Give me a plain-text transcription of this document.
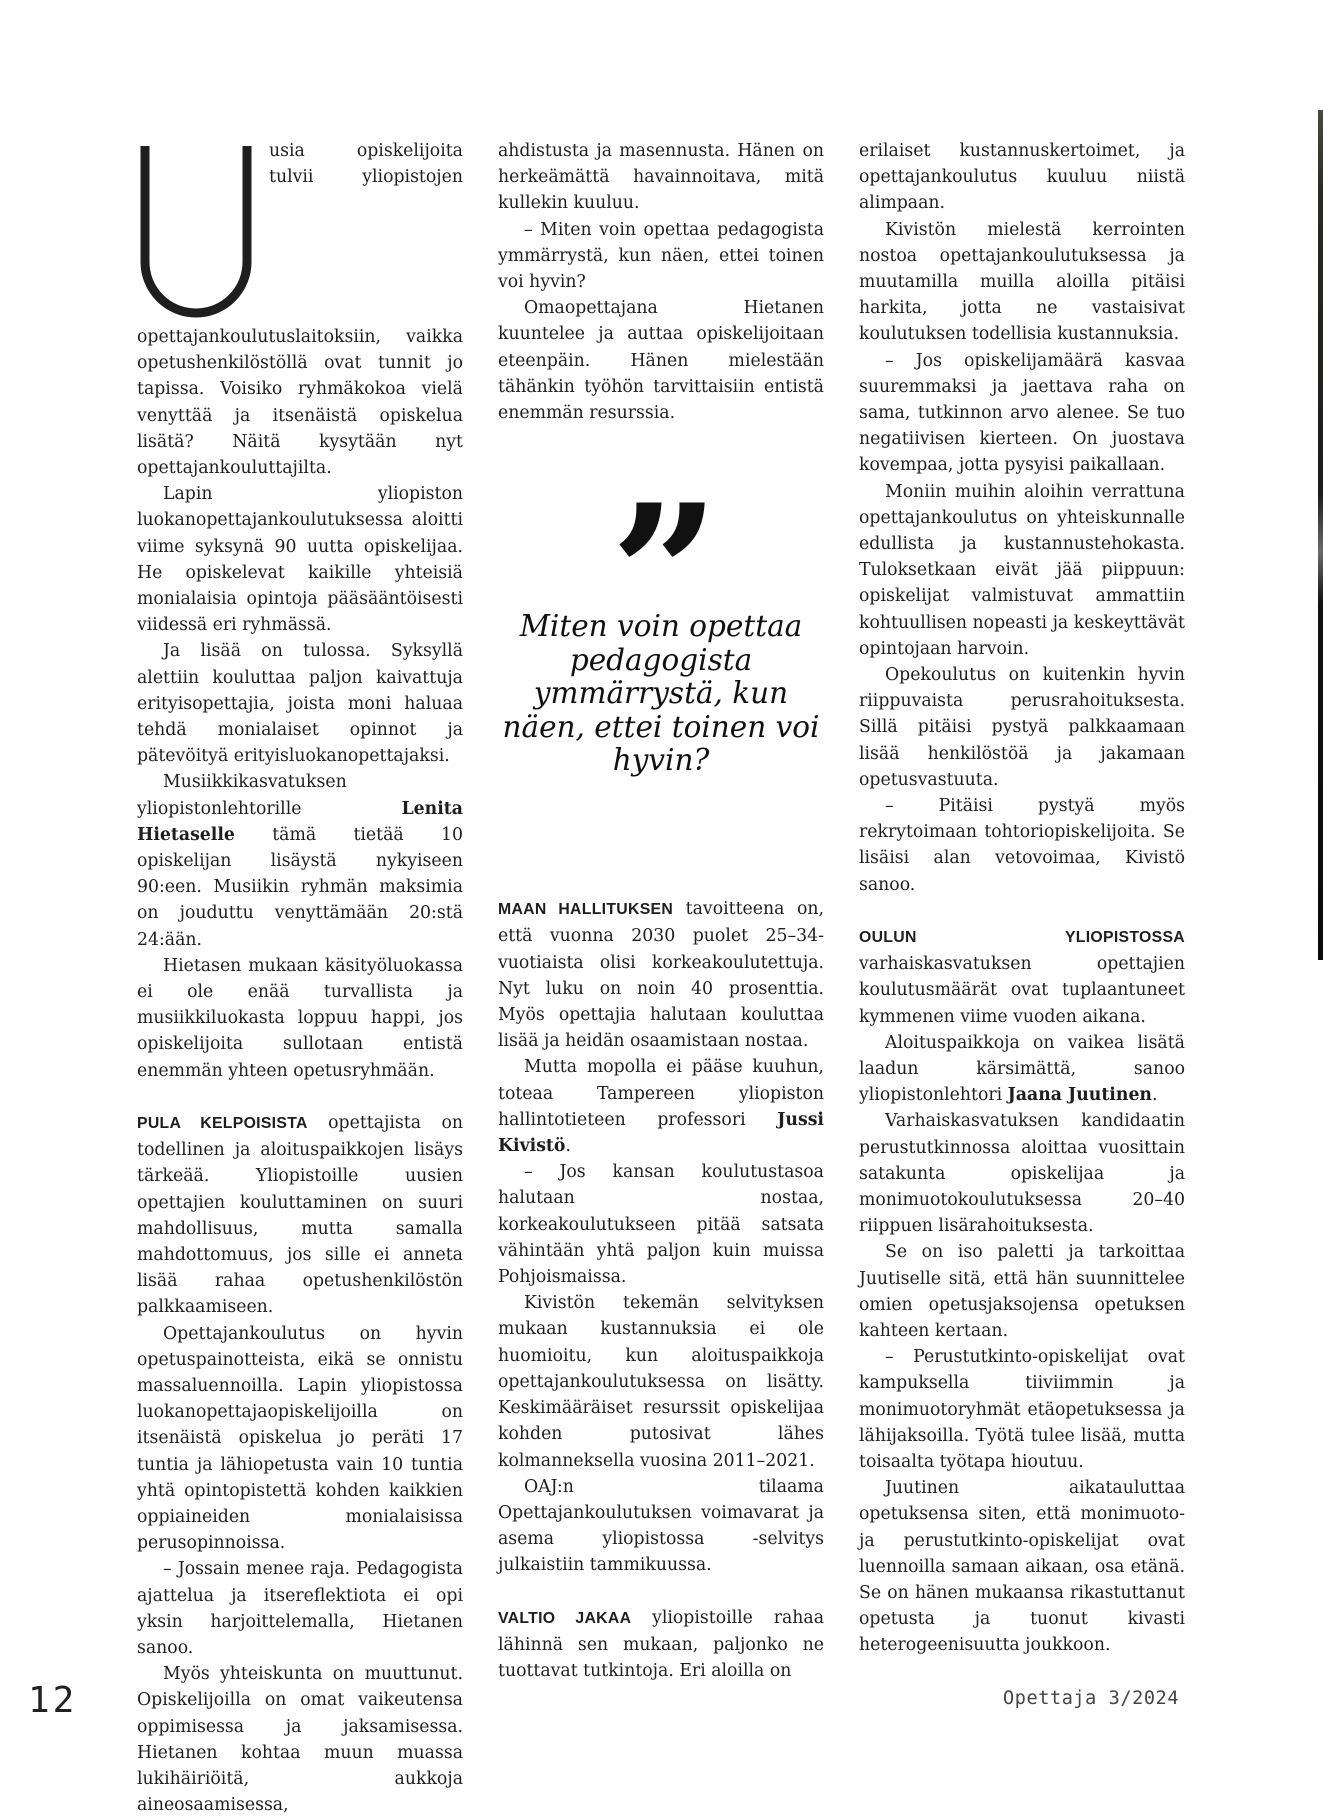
usia opiskelijoita tulvii yliopistojen opettajankoulutuslaitoksiin, vaikka opetushenkilöstöllä ovat tunnit jo tapissa. Voisiko ryhmäkokoa vielä venyttää ja itsenäistä opiskelua lisätä? Näitä kysytään nyt opettajankouluttajilta.

Lapin yliopiston luokanopettajankoulutuksessa aloitti viime syksynä 90 uutta opiskelijaa. He opiskelevat kaikille yhteisiä monialaisia opintoja pääsääntöisesti viidessä eri ryhmässä.

Ja lisää on tulossa. Syksyllä alettiin kouluttaa paljon kaivattuja erityisopettajia, joista moni haluaa tehdä monialaiset opinnot ja pätevöityä erityisluokanopettajaksi.

Musiikkikasvatuksen yliopistonlehtorille Lenita Hietaselle tämä tietää 10 opiskelijan lisäystä nykyiseen 90:een. Musiikin ryhmän maksimia on jouduttu venyttämään 20:stä 24:ään.

Hietasen mukaan käsityöluokassa ei ole enää turvallista ja musiikkiluokasta loppuu happi, jos opiskelijoita sullotaan entistä enemmän yhteen opetusryhmään.

PULA KELPOISISTA opettajista on todellinen ja aloituspaikkojen lisäys tärkeää. Yliopistoille uusien opettajien kouluttaminen on suuri mahdollisuus, mutta samalla mahdottomuus, jos sille ei anneta lisää rahaa opetushenkilöstön palkkaamiseen.

Opettajankoulutus on hyvin opetuspainotteista, eikä se onnistu massaluennoilla. Lapin yliopistossa luokanopettajaopiskelijoilla on itsenäistä opiskelua jo peräti 17 tuntia ja lähiopetusta vain 10 tuntia yhtä opintopistettä kohden kaikkien oppiaineiden monialaisissa perusopinnoissa.

– Jossain menee raja. Pedagogista ajattelua ja itsereflektiota ei opi yksin harjoittelemalla, Hietanen sanoo.

Myös yhteiskunta on muuttunut. Opiskelijoilla on omat vaikeutensa oppimisessa ja jaksamisessa. Hietanen kohtaa muun muassa lukihäiriöitä, aukkoja aineosaamisessa,

ahdistusta ja masennusta. Hänen on herkeämättä havainnoitava, mitä kullekin kuuluu.

– Miten voin opettaa pedagogista ymmärrystä, kun näen, ettei toinen voi hyvin?

Omaopettajana Hietanen kuuntelee ja auttaa opiskelijoitaan eteenpäin. Hänen mielestään tähänkin työhön tarvittaisiin entistä enemmän resurssia.

MAAN HALLITUKSEN tavoitteena on, että vuonna 2030 puolet 25–34-vuotiaista olisi korkeakoulutettuja. Nyt luku on noin 40 prosenttia. Myös opettajia halutaan kouluttaa lisää ja heidän osaamistaan nostaa.

Mutta mopolla ei pääse kuuhun, toteaa Tampereen yliopiston hallintotieteen professori Jussi Kivistö.

– Jos kansan koulutustasoa halutaan nostaa, korkeakoulutukseen pitää satsata vähintään yhtä paljon kuin muissa Pohjoismaissa.

Kivistön tekemän selvityksen mukaan kustannuksia ei ole huomioitu, kun aloituspaikkoja opettajankoulutuksessa on lisätty. Keskimääräiset resurssit opiskelijaa kohden putosivat lähes kolmanneksella vuosina 2011–2021.

OAJ:n tilaama Opettajankoulutuksen voimavarat ja asema yliopistossa -selvitys julkaistiin tammikuussa.

VALTIO JAKAA yliopistoille rahaa lähinnä sen mukaan, paljonko ne tuottavat tutkintoja. Eri aloilla on

Miten voin opettaa pedagogista ymmärrystä, kun näen, ettei toinen voi hyvin?

erilaiset kustannuskertoimet, ja opettajankoulutus kuuluu niistä alimpaan.

Kivistön mielestä kerrointen nostoa opettajankoulutuksessa ja muutamilla muilla aloilla pitäisi harkita, jotta ne vastaisivat koulutuksen todellisia kustannuksia.

– Jos opiskelijamäärä kasvaa suuremmaksi ja jaettava raha on sama, tutkinnon arvo alenee. Se tuo negatiivisen kierteen. On juostava kovempaa, jotta pysyisi paikallaan.

Moniin muihin aloihin verrattuna opettajankoulutus on yhteiskunnalle edullista ja kustannustehokasta. Tuloksetkaan eivät jää piippuun: opiskelijat valmistuvat ammattiin kohtuullisen nopeasti ja keskeyttävät opintojaan harvoin.

Opekoulutus on kuitenkin hyvin riippuvaista perusrahoituksesta. Sillä pitäisi pystyä palkkaamaan lisää henkilöstöä ja jakamaan opetusvastuuta.

– Pitäisi pystyä myös rekrytoimaan tohtoriopiskelijoita. Se lisäisi alan vetovoimaa, Kivistö sanoo.

OULUN YLIOPISTOSSA varhaiskasvatuksen opettajien koulutusmäärät ovat tuplaantuneet kymmenen viime vuoden aikana.

Aloituspaikkoja on vaikea lisätä laadun kärsimättä, sanoo yliopistonlehtori Jaana Juutinen.

Varhaiskasvatuksen kandidaatin perustutkinnossa aloittaa vuosittain satakunta opiskelijaa ja monimuotokoulutuksessa 20–40 riippuen lisärahoituksesta.

Se on iso paletti ja tarkoittaa Juutiselle sitä, että hän suunnittelee omien opetusjaksojensa opetuksen kahteen kertaan.

– Perustutkinto-opiskelijat ovat kampuksella tiiviimmin ja monimuotoryhmät etäopetuksessa ja lähijaksoilla. Työtä tulee lisää, mutta toisaalta työtapa hioutuu.

Juutinen aikatauluttaa opetuksensa siten, että monimuoto- ja perustutkinto-opiskelijat ovat luennoilla samaan aikaan, osa etänä. Se on hänen mukaansa rikastuttanut opetusta ja tuonut kivasti heterogeenisuutta joukkoon.

12	Opettaja 3/2024
